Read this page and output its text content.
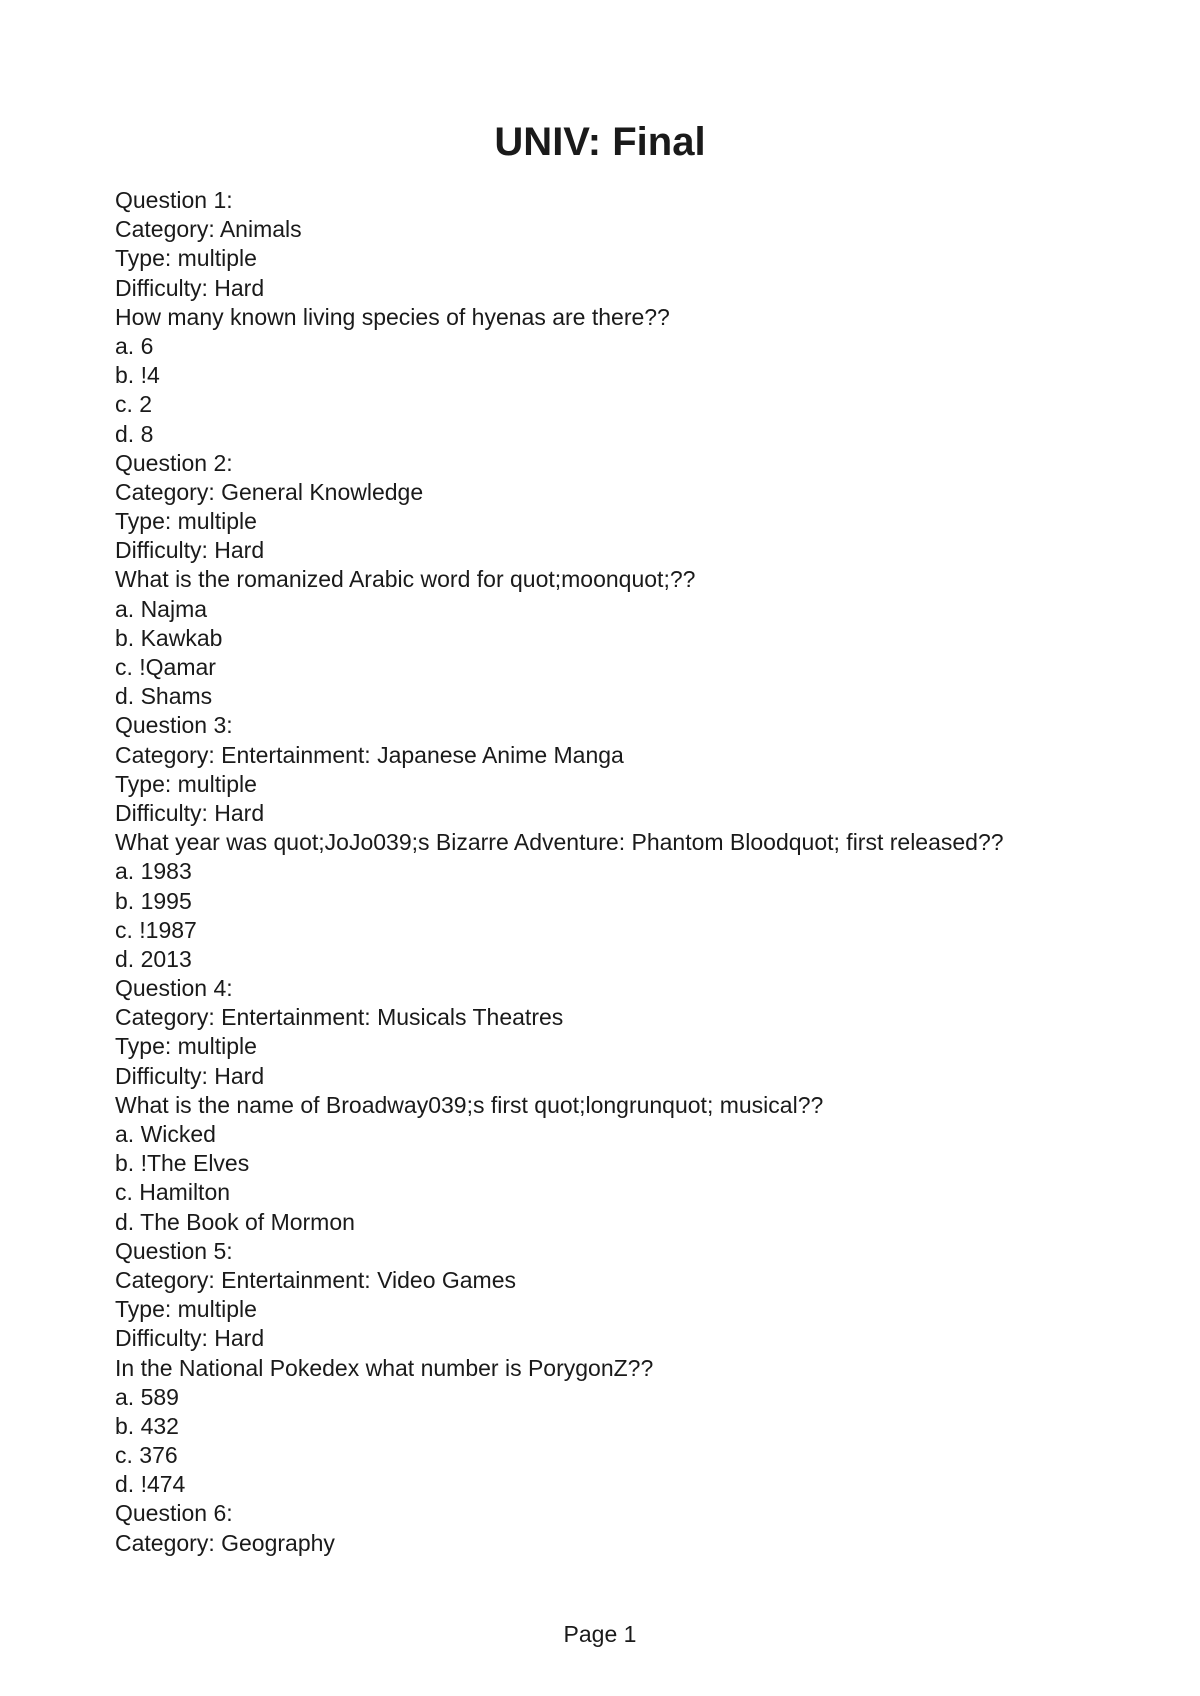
UNIV: Final
Question 1:
Category: Animals
Type: multiple
Difficulty: Hard
How many known living species of hyenas are there??
a. 6
b. !4
c. 2
d. 8
Question 2:
Category: General Knowledge
Type: multiple
Difficulty: Hard
What is the romanized Arabic word for quot;moonquot;??
a. Najma
b. Kawkab
c. !Qamar
d. Shams
Question 3:
Category: Entertainment: Japanese Anime Manga
Type: multiple
Difficulty: Hard
What year was quot;JoJo039;s Bizarre Adventure: Phantom Bloodquot; first released??
a. 1983
b. 1995
c. !1987
d. 2013
Question 4:
Category: Entertainment: Musicals Theatres
Type: multiple
Difficulty: Hard
What is the name of Broadway039;s first quot;longrunquot; musical??
a. Wicked
b. !The Elves
c. Hamilton
d. The Book of Mormon
Question 5:
Category: Entertainment: Video Games
Type: multiple
Difficulty: Hard
In the National Pokedex what number is PorygonZ??
a. 589
b. 432
c. 376
d. !474
Question 6:
Category: Geography
Page 1
